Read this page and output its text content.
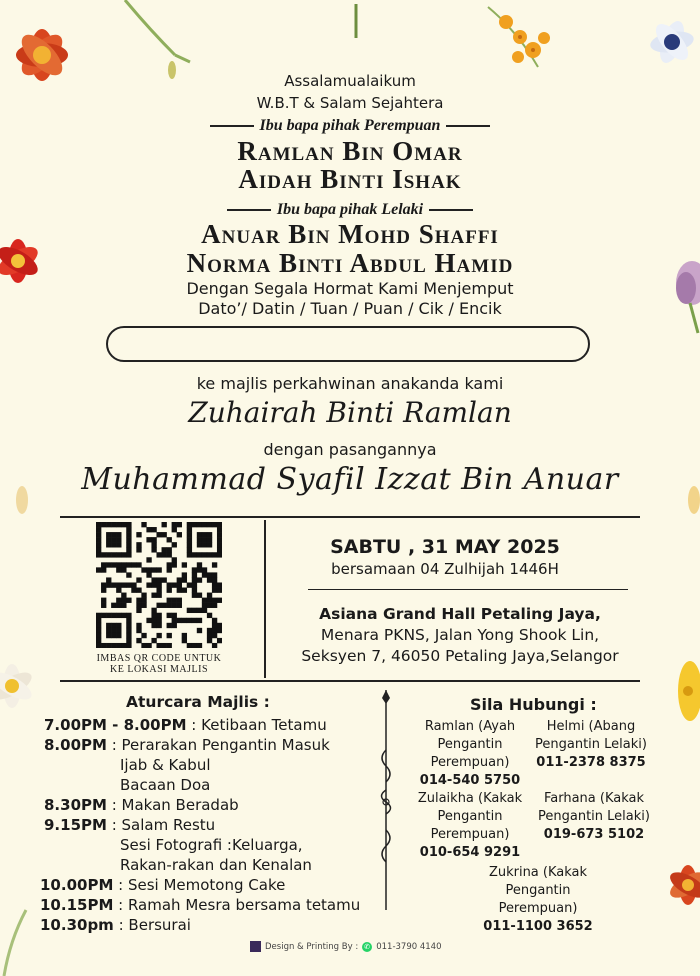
Assalamualaikum
W.B.T & Salam Sejahtera
Ibu bapa pihak Perempuan
Ramlan Bin Omar
Aidah Binti Ishak
Ibu bapa pihak Lelaki
Anuar Bin Mohd Shaffi
Norma Binti Abdul Hamid
Dengan Segala Hormat Kami Menjemput
Dato’/ Datin / Tuan / Puan / Cik / Encik
ke majlis perkahwinan anakanda kami
Zuhairah Binti Ramlan
dengan pasangannya
Muhammad Syafil Izzat Bin Anuar
IMBAS QR CODE UNTUK
KE LOKASI MAJLIS
SABTU , 31 MAY 2025
bersamaan 04 Zulhijah 1446H
Asiana Grand Hall Petaling Jaya,
Menara PKNS, Jalan Yong Shook Lin,
Seksyen 7, 46050 Petaling Jaya,Selangor
Aturcara Majlis :
7.00PM - 8.00PM : Ketibaan Tetamu
8.00PM : Perarakan Pengantin Masuk
Ijab & Kabul
Bacaan Doa
8.30PM : Makan Beradab
9.15PM : Salam Restu
Sesi Fotografi :Keluarga,
Rakan-rakan dan Kenalan
10.00PM : Sesi Memotong Cake
10.15PM : Ramah Mesra bersama tetamu
10.30pm : Bersurai
Sila Hubungi :
Ramlan (Ayah Pengantin Perempuan)
014-540 5750
Helmi (Abang Pengantin Lelaki)
011-2378 8375
Zulaikha (Kakak Pengantin Perempuan)
010-654 9291
Farhana (Kakak Pengantin Lelaki)
019-673 5102
Zukrina (Kakak Pengantin Perempuan)
011-1100 3652
Design & Printing By : ✆ 011-3790 4140
